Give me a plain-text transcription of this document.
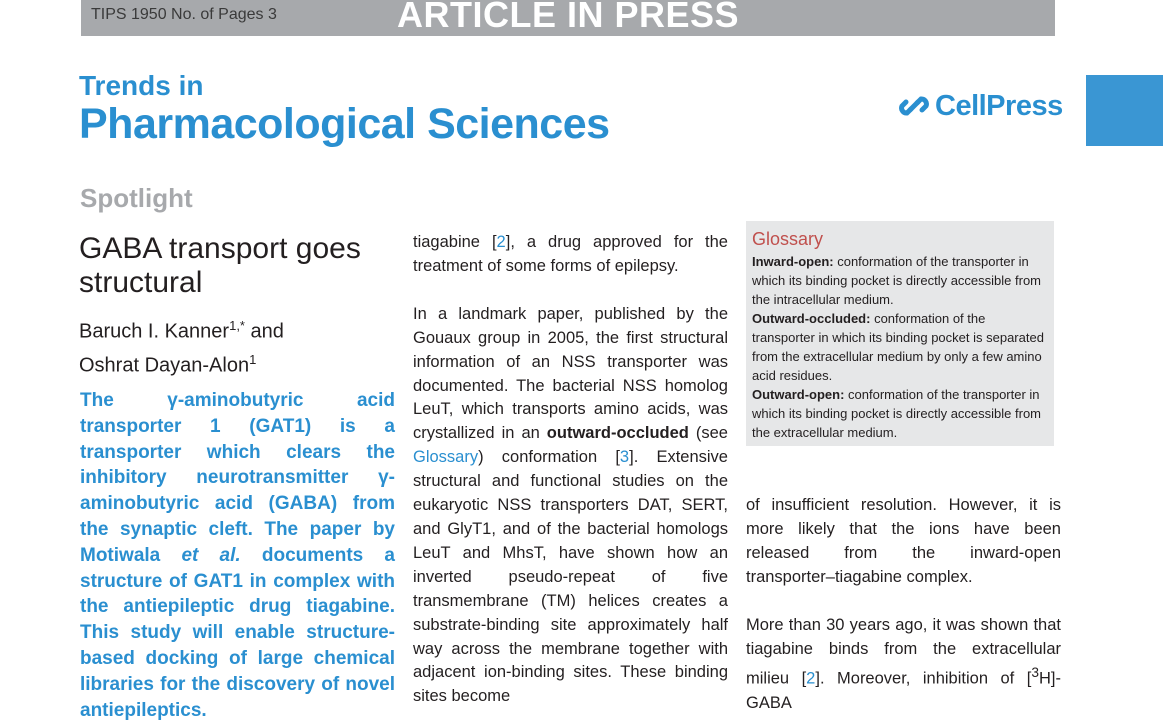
TIPS 1950 No. of Pages 3	ARTICLE IN PRESS
Trends in
Pharmacological Sciences	CellPress
Spotlight
GABA transport goes structural
Baruch I. Kanner$^{1,*}$ and
Oshrat Dayan-Alon$^1$
The γ-aminobutyric acid transporter 1 (GAT1) is a transporter which clears the inhibitory neurotransmitter γ-aminobutyric acid (GABA) from the synaptic cleft. The paper by Motiwala et al. documents a structure of GAT1 in complex with the antiepileptic drug tiagabine. This study will enable structure-based docking of large chemical libraries for the discovery of novel antiepileptics.

tiagabine [2], a drug approved for the treatment of some forms of epilepsy.

In a landmark paper, published by the Gouaux group in 2005, the first structural information of an NSS transporter was documented. The bacterial NSS homolog LeuT, which transports amino acids, was crystallized in an outward-occluded (see Glossary) conformation [3]. Extensive structural and functional studies on the eukaryotic NSS transporters DAT, SERT, and GlyT1, and of the bacterial homologs LeuT and MhsT, have shown how an inverted pseudo-repeat of five transmembrane (TM) helices creates a substrate-binding site approximately half way across the membrane together with adjacent ion-binding sites. These binding sites become

Glossary

Inward-open: conformation of the transporter in which its binding pocket is directly accessible from the intracellular medium.

Outward-occluded: conformation of the transporter in which its binding pocket is separated from the extracellular medium by only a few amino acid residues.

Outward-open: conformation of the transporter in which its binding pocket is directly accessible from the extracellular medium.

of insufficient resolution. However, it is more likely that the ions have been released from the inward-open transporter–tiagabine complex.

More than 30 years ago, it was shown that tiagabine binds from the extracellular milieu [2]. Moreover, inhibition of [$^3$H]-GABA
